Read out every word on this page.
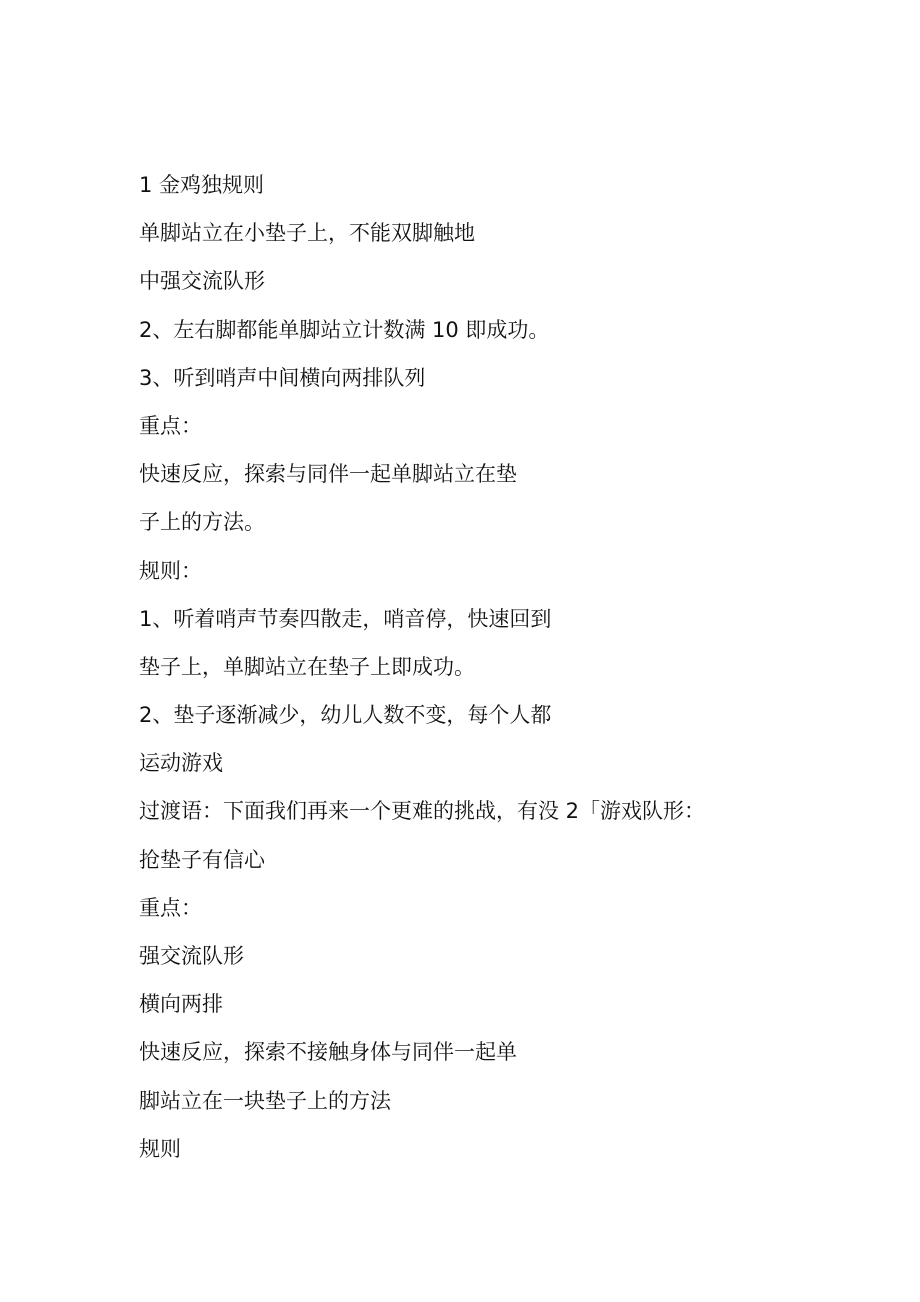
1 金鸡独规则
单脚站立在小垫子上，不能双脚触地
中强交流队形
2、左右脚都能单脚站立计数满 10 即成功。
3、听到哨声中间横向两排队列
重点：
快速反应，探索与同伴一起单脚站立在垫
子上的方法。
规则：
1、听着哨声节奏四散走，哨音停，快速回到
垫子上，单脚站立在垫子上即成功。
2、垫子逐渐减少，幼儿人数不变，每个人都
运动游戏
过渡语：下面我们再来一个更难的挑战，有没 2「游戏队形：
抢垫子有信心
重点：
强交流队形
横向两排
快速反应，探索不接触身体与同伴一起单
脚站立在一块垫子上的方法
规则
